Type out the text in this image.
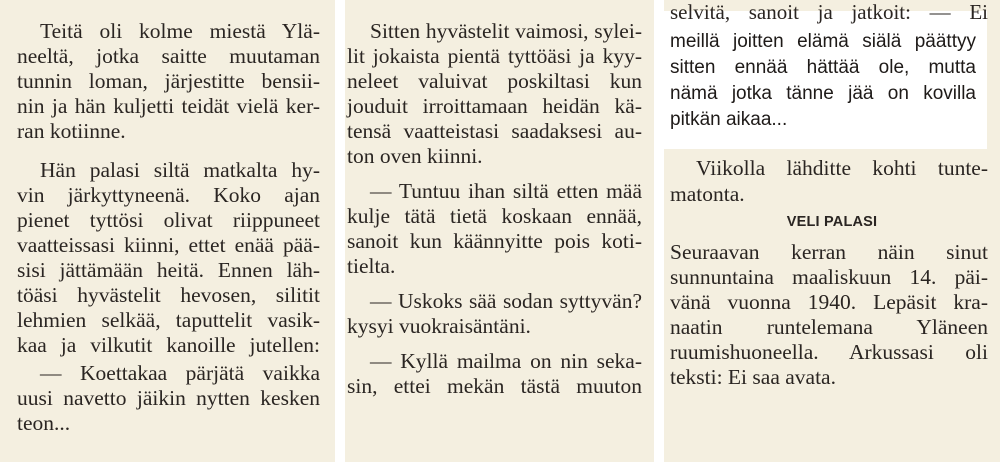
Teitä oli kolme miestä Ylä-
neeltä, jotka saitte muutaman
tunnin loman, järjestitte bensii-
nin ja hän kuljetti teidät vielä ker-
ran kotiinne.
Hän palasi siltä matkalta hy-
vin järkyttyneenä. Koko ajan
pienet tyttösi olivat riippuneet
vaatteissasi kiinni, ettet enää pää-
sisi jättämään heitä. Ennen läh-
töäsi hyvästelit hevosen, silitit
lehmien selkää, taputtelit vasik-
kaa ja vilkutit kanoille jutellen:
— Koettakaa pärjätä vaikka
uusi navetto jäikin nytten kesken
teon...
Sitten hyvästelit vaimosi, sylei-
lit jokaista pientä tyttöäsi ja kyy-
neleet valuivat poskiltasi kun
jouduit irroittamaan heidän kä-
tensä vaatteistasi saadaksesi au-
ton oven kiinni.
— Tuntuu ihan siltä etten mää
kulje tätä tietä koskaan ennää,
sanoit kun käännyitte pois koti-
tielta.
— Uskoks sää sodan syttyvän?
kysyi vuokraisäntäni.
— Kyllä mailma on nin seka-
sin, ettei mekän tästä muuton
selvitä, sanoit ja jatkoit: — Ei
meillä joitten elämä siälä päättyy
sitten ennää hättää ole, mutta
nämä jotka tänne jää on kovilla
pitkän aikaa...
Viikolla lähditte kohti tunte-
matonta.
VELI PALASI
Seuraavan kerran näin sinut
sunnuntaina maaliskuun 14. päi-
vänä vuonna 1940. Lepäsit kra-
naatin runtelemana Yläneen
ruumishuoneella. Arkussasi oli
teksti: Ei saa avata.
